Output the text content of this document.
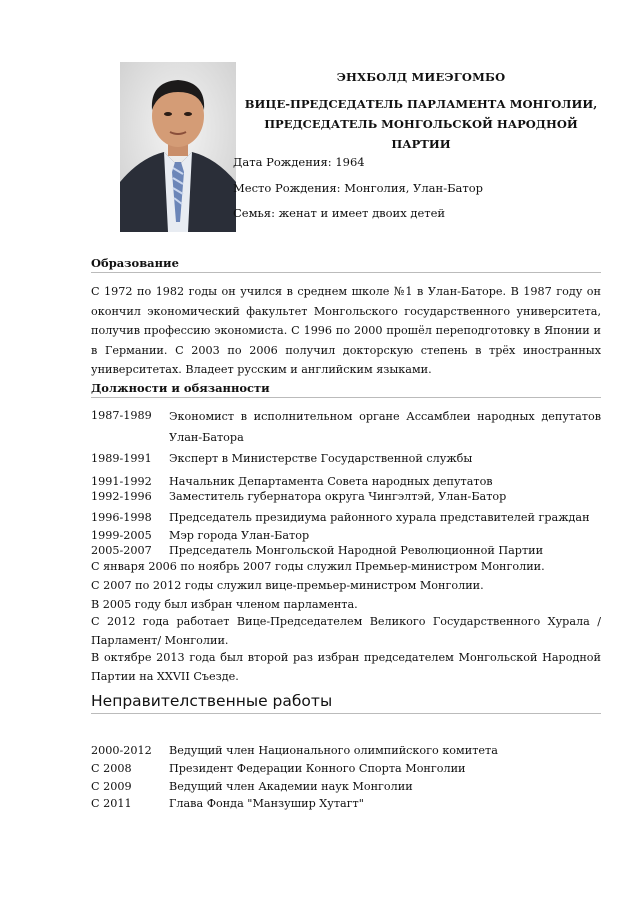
ЭНХБОЛД МИЕЭГОМБО
ВИЦЕ-ПРЕДСЕДАТЕЛЬ ПАРЛАМЕНТА МОНГОЛИИ,
ПРЕДСЕДАТЕЛЬ МОНГОЛЬСКОЙ НАРОДНОЙ ПАРТИИ
Дата Рождения: 1964
Место Рождения: Монголия, Улан-Батор
Семья: женат и имеет двоих детей
Образование
С 1972 по 1982 годы он учился в среднем школе №1 в Улан-Баторе. В 1987 году он окончил экономический факультет Монгольского государственного университета, получив профессию экономиста. С 1996 по 2000 прошёл переподготовку в Японии и в Германии. С 2003 по 2006 получил докторскую степень в трёх иностранных университетах. Владеет русским и английским языками.
Должности и обязанности
1987-1989	Экономист в исполнительном органе Ассамблеи народных депутатов Улан-Батора
1989-1991	Эксперт в Министерстве Государственной службы
1991-1992	Начальник Департамента Совета народных депутатов
1992-1996	Заместитель губернатора округа Чингэлтэй, Улан-Батор
1996-1998	Председатель президиума районного хурала представителей граждан
1999-2005	Мэр города Улан-Батор
2005-2007	Председатель Монгольской Народной Революционной Партии
С января 2006 по ноябрь 2007 годы служил Премьер-министром Монголии.
С 2007 по 2012 годы служил вице-премьер-министром Монголии.
В 2005 году был избран членом парламента.
С 2012 года работает Вице-Председателем Великого Государственного Хурала /Парламент/ Монголии.
В октябре 2013 года был второй раз избран председателем Монгольской Народной Партии на XXVII Съезде.
Неправителственные работы
2000-2012	Ведущий член Национального олимпийского комитета
С 2008	Президент Федерации Конного Спорта Монголии
С 2009	Ведущий член Академии наук Монголии
С 2011	Глава Фонда "Манзушир Хутагт"
